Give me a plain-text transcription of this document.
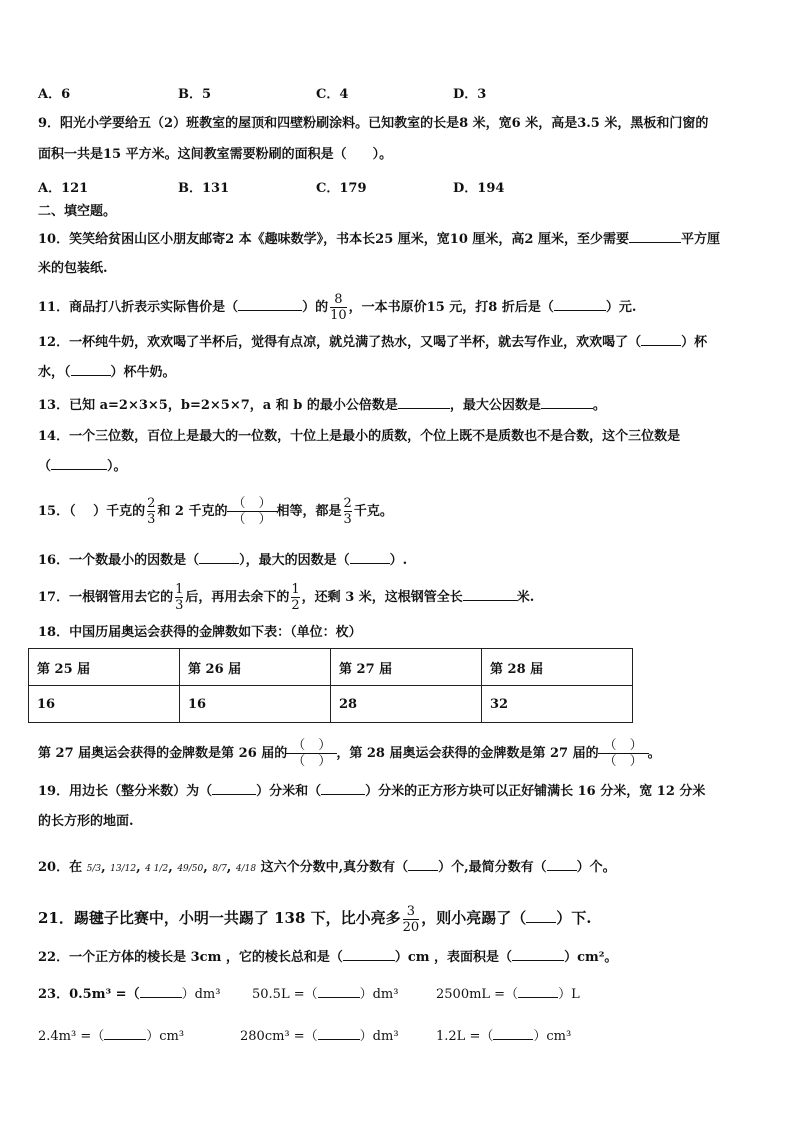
A．6	B．5	C．4	D．3
9．阳光小学要给五（2）班教室的屋顶和四壁粉刷涂料。已知教室的长是8 米，宽6 米，高是3.5 米，黑板和门窗的
面积一共是15 平方米。这间教室需要粉刷的面积是（　　）。
A．121	B．131	C．179	D．194
二、填空题。
10．笑笑给贫困山区小朋友邮寄2 本《趣味数学》，书本长25 厘米，宽10 厘米，高2 厘米，至少需要	平方厘
米的包装纸.
11．商品打八折表示实际售价是（	）的 $\frac{8}{10}$ ，一本书原价15 元，打8 折后是（	）元.
12．一杯纯牛奶，欢欢喝了半杯后，觉得有点凉，就兑满了热水，又喝了半杯，就去写作业，欢欢喝了（	）杯
水，（	）杯牛奶。
13．已知 a=2×3×5，b=2×5×7，a 和 b 的最小公倍数是	，最大公因数是	。
14．一个三位数，百位上是最大的一位数，十位上是最小的质数，个位上既不是质数也不是合数，这个三位数是
（	）。
15．（　 ）千克的 $\frac{2}{3}$ 和 2 千克的 $\frac{( )}{( )}$ 相等，都是 $\frac{2}{3}$ 千克。
16．一个数最小的因数是（	），最大的因数是（	）.
17．一根钢管用去它的 $\frac{1}{3}$ 后，再用去余下的 $\frac{1}{2}$ ，还剩 3 米，这根钢管全长	米.
18．中国历届奥运会获得的金牌数如下表：（单位：枚）
第 25 届	第 26 届	第 27 届	第 28 届
16	16	28	32
第 27 届奥运会获得的金牌数是第 26 届的 $\frac{( )}{( )}$ ，第 28 届奥运会获得的金牌数是第 27 届的 $\frac{( )}{( )}$ 。
19．用边长（整分米数）为（	）分米和（	）分米的正方形方块可以正好铺满长 16 分米，宽 12 分米
的长方形的地面.
20．在 5/3, 13/12, 4 1/2, 49/50, 8/7, 4/18 这六个分数中,真分数有（ ）个,最简分数有（ ）个。
21．踢毽子比赛中，小明一共踢了 138 下，比小亮多 $\frac{3}{20}$ ，则小亮踢了（ ）下.
22．一个正方体的棱长是 3cm ，它的棱长总和是（	）cm ，表面积是（	）cm²。
23．0.5m³ =（	）dm³ 50.5L =（	）dm³	2500mL =（	）L
2.4m³ =（	）cm³	280cm³ =（	）dm³	1.2L =（	）cm³
